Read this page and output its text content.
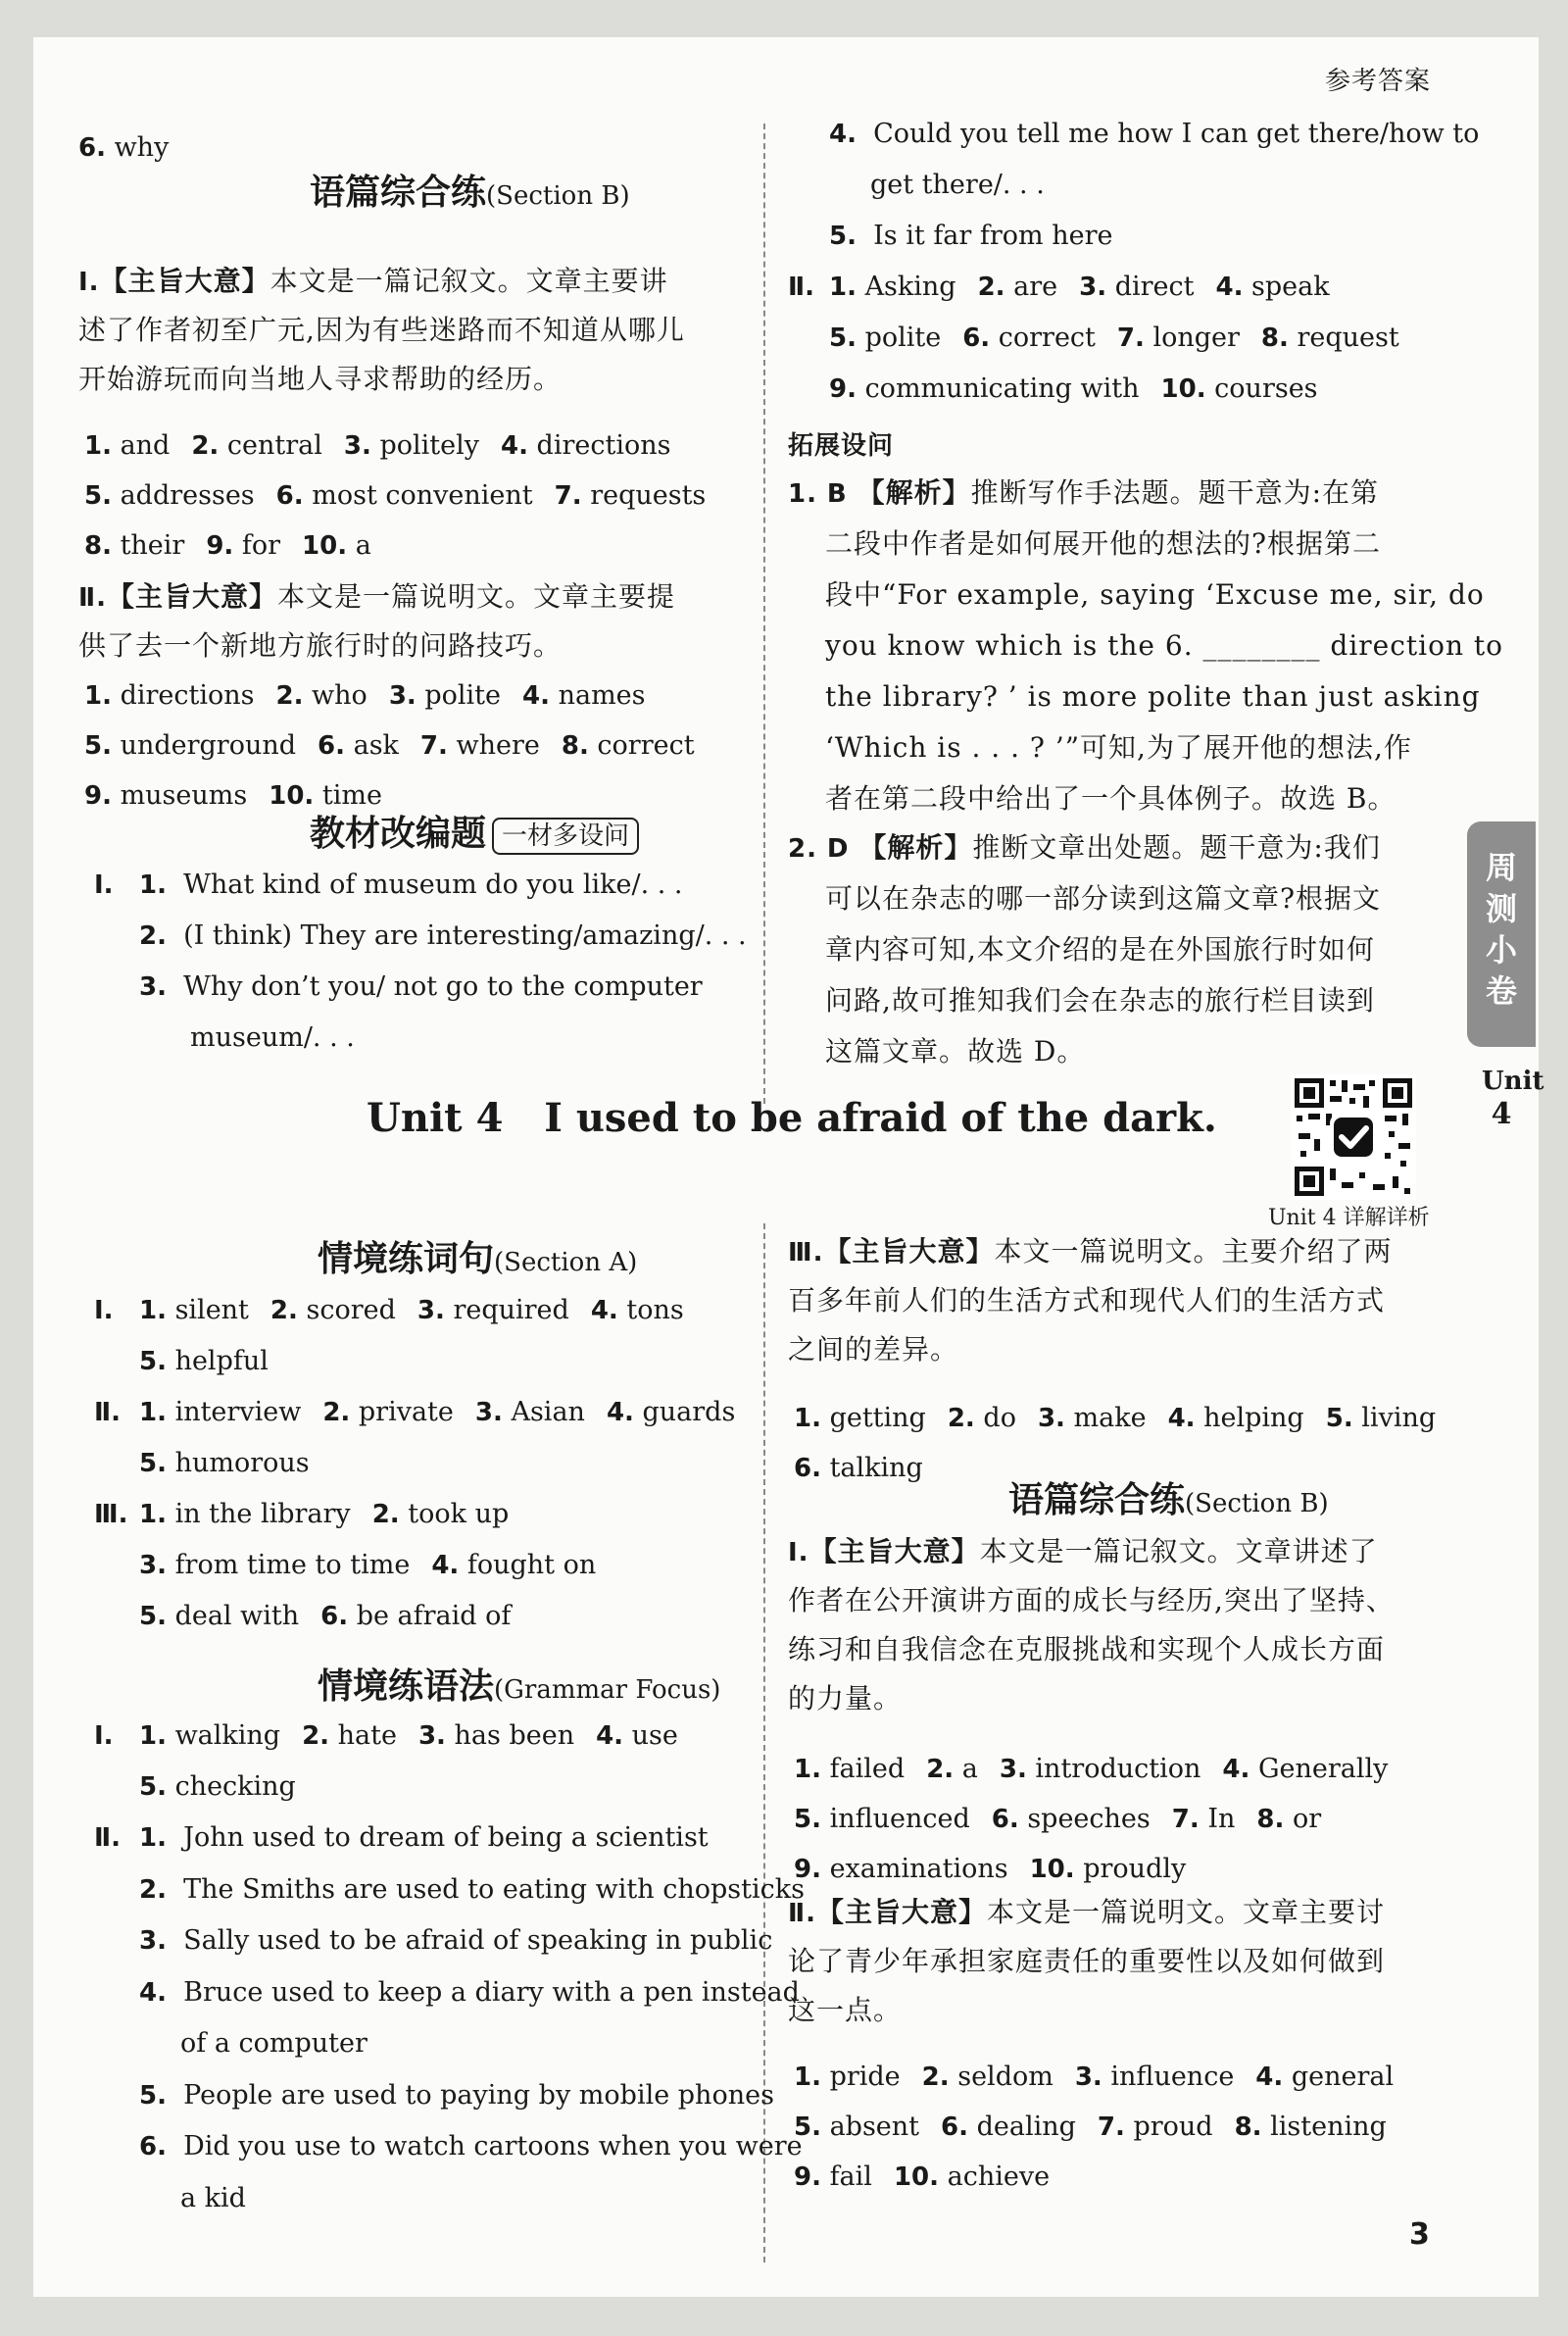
参考答案
6. why
语篇综合练(Section B)
Ⅰ.【主旨大意】本文是一篇记叙文。文章主要讲
述了作者初至广元,因为有些迷路而不知道从哪儿
开始游玩而向当地人寻求帮助的经历。
1. and 2. central 3. politely 4. directions
5. addresses 6. most convenient 7. requests
8. their 9. for 10. a
Ⅱ.【主旨大意】本文是一篇说明文。文章主要提
供了去一个新地方旅行时的问路技巧。
1. directions 2. who 3. polite 4. names
5. underground 6. ask 7. where 8. correct
9. museums 10. time
教材改编题 一材多设问
Ⅰ. 1. What kind of museum do you like/. . .
2. (I think) They are interesting/amazing/. . .
3. Why don’t you/ not go to the computer
museum/. . .
4. Could you tell me how I can get there/how to
get there/. . .
5. Is it far from here
Ⅱ. 1. Asking 2. are 3. direct 4. speak
5. polite 6. correct 7. longer 8. request
9. communicating with 10. courses
拓展设问
1. B 【解析】推断写作手法题。题干意为:在第
二段中作者是如何展开他的想法的?根据第二
段中“For example, saying ‘Excuse me, sir, do
you know which is the 6. ________ direction to
the library? ’ is more polite than just asking
‘Which is . . . ? ’”可知,为了展开他的想法,作
者在第二段中给出了一个具体例子。故选 B。
2. D 【解析】推断文章出处题。题干意为:我们
可以在杂志的哪一部分读到这篇文章?根据文
章内容可知,本文介绍的是在外国旅行时如何
问路,故可推知我们会在杂志的旅行栏目读到
这篇文章。故选 D。
周测小卷
Unit
4
Unit 4 I used to be afraid of the dark.
Unit 4 详解详析
情境练词句(Section A)
Ⅰ. 1. silent 2. scored 3. required 4. tons
5. helpful
Ⅱ. 1. interview 2. private 3. Asian 4. guards
5. humorous
Ⅲ. 1. in the library 2. took up
3. from time to time 4. fought on
5. deal with 6. be afraid of
情境练语法(Grammar Focus)
Ⅰ. 1. walking 2. hate 3. has been 4. use
5. checking
Ⅱ. 1. John used to dream of being a scientist
2. The Smiths are used to eating with chopsticks
3. Sally used to be afraid of speaking in public
4. Bruce used to keep a diary with a pen instead
of a computer
5. People are used to paying by mobile phones
6. Did you use to watch cartoons when you were
a kid
Ⅲ.【主旨大意】本文一篇说明文。主要介绍了两
百多年前人们的生活方式和现代人们的生活方式
之间的差异。
1. getting 2. do 3. make 4. helping 5. living
6. talking
语篇综合练(Section B)
Ⅰ.【主旨大意】本文是一篇记叙文。文章讲述了
作者在公开演讲方面的成长与经历,突出了坚持、
练习和自我信念在克服挑战和实现个人成长方面
的力量。
1. failed 2. a 3. introduction 4. Generally
5. influenced 6. speeches 7. In 8. or
9. examinations 10. proudly
Ⅱ.【主旨大意】本文是一篇说明文。文章主要讨
论了青少年承担家庭责任的重要性以及如何做到
这一点。
1. pride 2. seldom 3. influence 4. general
5. absent 6. dealing 7. proud 8. listening
9. fail 10. achieve
3
